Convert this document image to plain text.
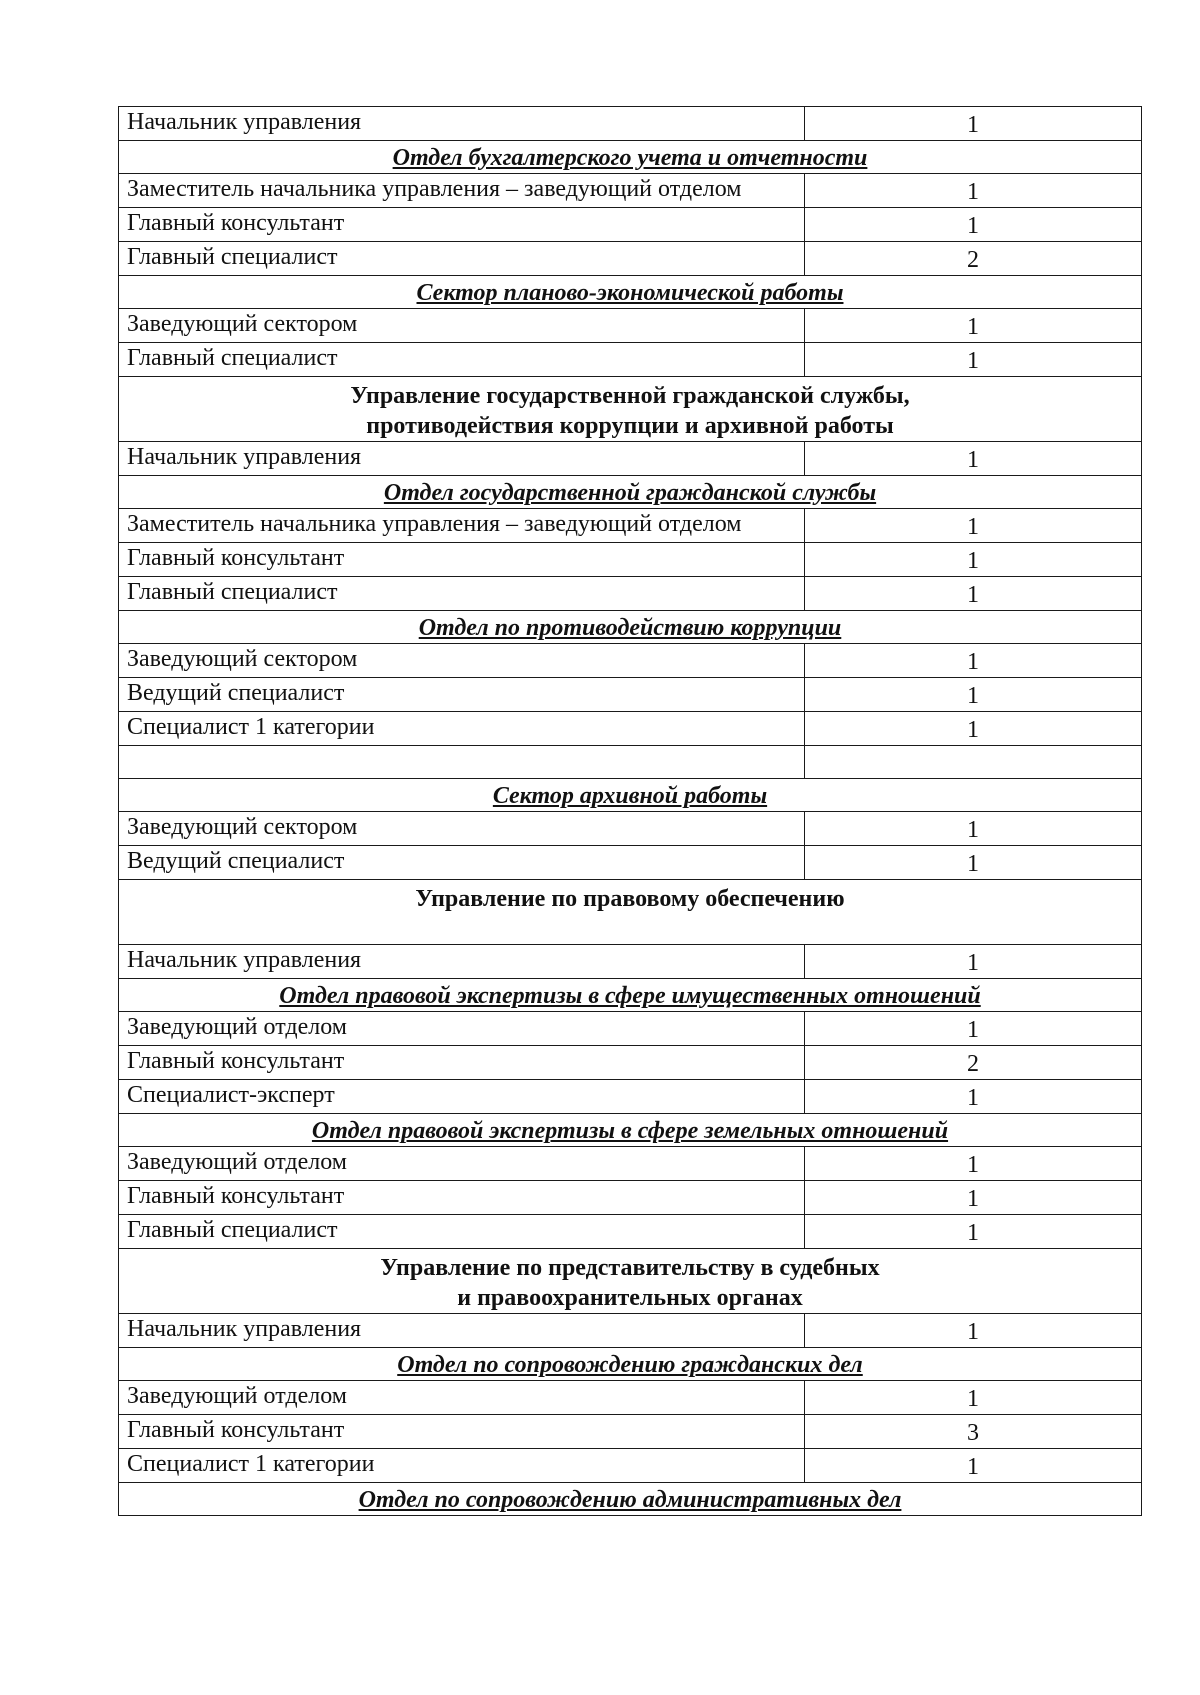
Начальник управления	1
Отдел бухгалтерского учета и отчетности	
Заместитель начальника управления – заведующий отделом	1
Главный консультант	1
Главный специалист	2
Сектор планово-экономической работы	
Заведующий сектором	1
Главный специалист	1
Управление государственной гражданской службы,
противодействия коррупции и архивной работы	
Начальник управления	1
Отдел государственной гражданской службы	
Заместитель начальника управления – заведующий отделом	1
Главный консультант	1
Главный специалист	1
Отдел по противодействию коррупции	
Заведующий сектором	1
Ведущий специалист	1
Специалист 1 категории	1

Сектор архивной работы	
Заведующий сектором	1
Ведущий специалист	1
Управление по правовому обеспечению	
Начальник управления	1
Отдел правовой экспертизы в сфере имущественных отношений	
Заведующий отделом	1
Главный консультант	2
Специалист-эксперт	1
Отдел правовой экспертизы в сфере земельных отношений	
Заведующий отделом	1
Главный консультант	1
Главный специалист	1
Управление по представительству в судебных
и правоохранительных органах	
Начальник управления	1
Отдел по сопровождению гражданских дел	
Заведующий отделом	1
Главный консультант	3
Специалист 1 категории	1
Отдел по сопровождению административных дел	
